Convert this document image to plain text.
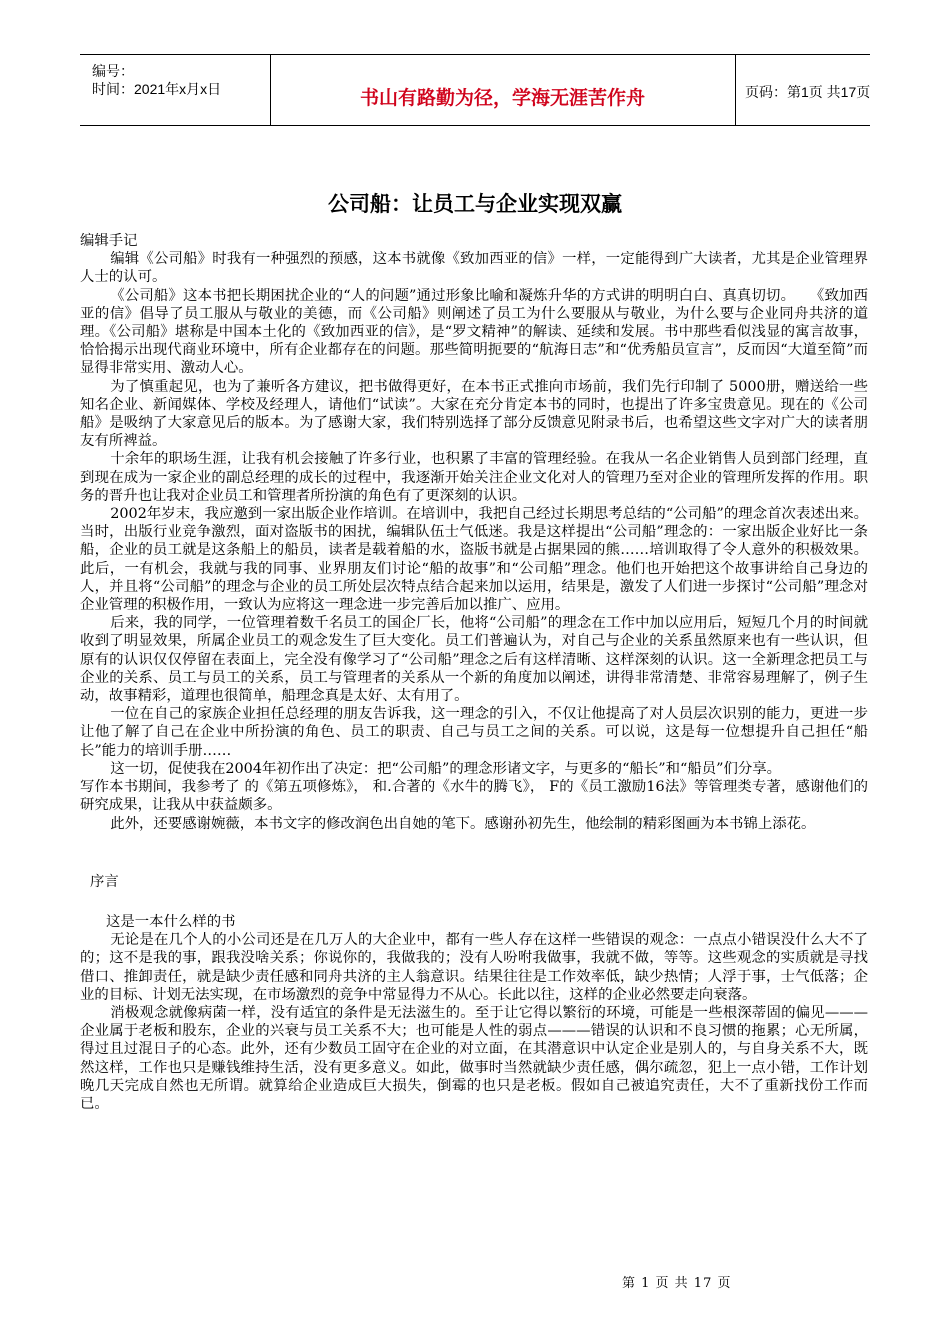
编号：
时间：2021年x月x日	书山有路勤为径，学海无涯苦作舟	页码：第1页 共17页
公司船：让员工与企业实现双赢

编辑手记

编辑《公司船》时我有一种强烈的预感，这本书就像《致加西亚的信》一样，一定能得到广大读者，尤其是企业管理界人士的认可。

《公司船》这本书把长期困扰企业的“人的问题”通过形象比喻和凝炼升华的方式讲的明明白白、真真切切。　　《致加西亚的信》倡导了员工服从与敬业的美德，而《公司船》则阐述了员工为什么要服从与敬业，为什么要与企业同舟共济的道理。《公司船》堪称是中国本土化的《致加西亚的信》，是“罗文精神”的解读、延续和发展。书中那些看似浅显的寓言故事，恰恰揭示出现代商业环境中，所有企业都存在的问题。那些简明扼要的“航海日志”和“优秀船员宣言”，反而因“大道至简”而显得非常实用、激动人心。

为了慎重起见，也为了兼听各方建议，把书做得更好，在本书正式推向市场前，我们先行印制了 5000册，赠送给一些知名企业、新闻媒体、学校及经理人，请他们“试读”。大家在充分肯定本书的同时，也提出了许多宝贵意见。现在的《公司船》是吸纳了大家意见后的版本。为了感谢大家，我们特别选择了部分反馈意见附录书后，也希望这些文字对广大的读者朋友有所裨益。

十余年的职场生涯，让我有机会接触了许多行业，也积累了丰富的管理经验。在我从一名企业销售人员到部门经理，直到现在成为一家企业的副总经理的成长的过程中，我逐渐开始关注企业文化对人的管理乃至对企业的管理所发挥的作用。职务的晋升也让我对企业员工和管理者所扮演的角色有了更深刻的认识。

2002年岁末，我应邀到一家出版企业作培训。在培训中，我把自己经过长期思考总结的“公司船”的理念首次表述出来。当时，出版行业竞争激烈，面对盗版书的困扰，编辑队伍士气低迷。我是这样提出“公司船”理念的：一家出版企业好比一条船，企业的员工就是这条船上的船员，读者是载着船的水，盗版书就是占据果园的熊……培训取得了令人意外的积极效果。此后，一有机会，我就与我的同事、业界朋友们讨论“船的故事”和“公司船”理念。他们也开始把这个故事讲给自己身边的人，并且将“公司船”的理念与企业的员工所处层次特点结合起来加以运用，结果是，激发了人们进一步探讨“公司船”理念对企业管理的积极作用，一致认为应将这一理念进一步完善后加以推广、应用。

后来，我的同学，一位管理着数千名员工的国企厂长，他将“公司船”的理念在工作中加以应用后，短短几个月的时间就收到了明显效果，所属企业员工的观念发生了巨大变化。员工们普遍认为，对自己与企业的关系虽然原来也有一些认识，但原有的认识仅仅停留在表面上，完全没有像学习了“公司船”理念之后有这样清晰、这样深刻的认识。这一全新理念把员工与企业的关系、员工与员工的关系，员工与管理者的关系从一个新的角度加以阐述，讲得非常清楚、非常容易理解了，例子生动，故事精彩，道理也很简单，船理念真是太好、太有用了。

一位在自己的家族企业担任总经理的朋友告诉我，这一理念的引入，不仅让他提高了对人员层次识别的能力，更进一步让他了解了自己在企业中所扮演的角色、员工的职责、自己与员工之间的关系。可以说，这是每一位想提升自己担任“船长”能力的培训手册……

这一切，促使我在2004年初作出了决定：把“公司船”的理念形诸文字，与更多的“船长”和“船员”们分享。

写作本书期间，我参考了 的《第五项修炼》， 和.合著的《水牛的腾飞》， F的《员工激励16法》等管理类专著，感谢他们的研究成果，让我从中获益颇多。

此外，还要感谢婉薇，本书文字的修改润色出自她的笔下。感谢孙初先生，他绘制的精彩图画为本书锦上添花。

序言

这是一本什么样的书

无论是在几个人的小公司还是在几万人的大企业中，都有一些人存在这样一些错误的观念：一点点小错误没什么大不了的；这不是我的事，跟我没啥关系；你说你的，我做我的；没有人吩咐我做事，我就不做，等等。这些观念的实质就是寻找借口、推卸责任，就是缺少责任感和同舟共济的主人翁意识。结果往往是工作效率低，缺少热情；人浮于事，士气低落；企业的目标、计划无法实现，在市场激烈的竞争中常显得力不从心。长此以往，这样的企业必然要走向衰落。

消极观念就像病菌一样，没有适宜的条件是无法滋生的。至于让它得以繁衍的环境，可能是一些根深蒂固的偏见———企业属于老板和股东，企业的兴衰与员工关系不大；也可能是人性的弱点———错误的认识和不良习惯的拖累；心无所属，得过且过混日子的心态。此外，还有少数员工固守在企业的对立面，在其潜意识中认定企业是别人的，与自身关系不大，既然这样，工作也只是赚钱维持生活，没有更多意义。如此，做事时当然就缺少责任感，偶尔疏忽，犯上一点小错，工作计划晚几天完成自然也无所谓。就算给企业造成巨大损失，倒霉的也只是老板。假如自己被追究责任，大不了重新找份工作而已。

第 1 页 共 17 页
